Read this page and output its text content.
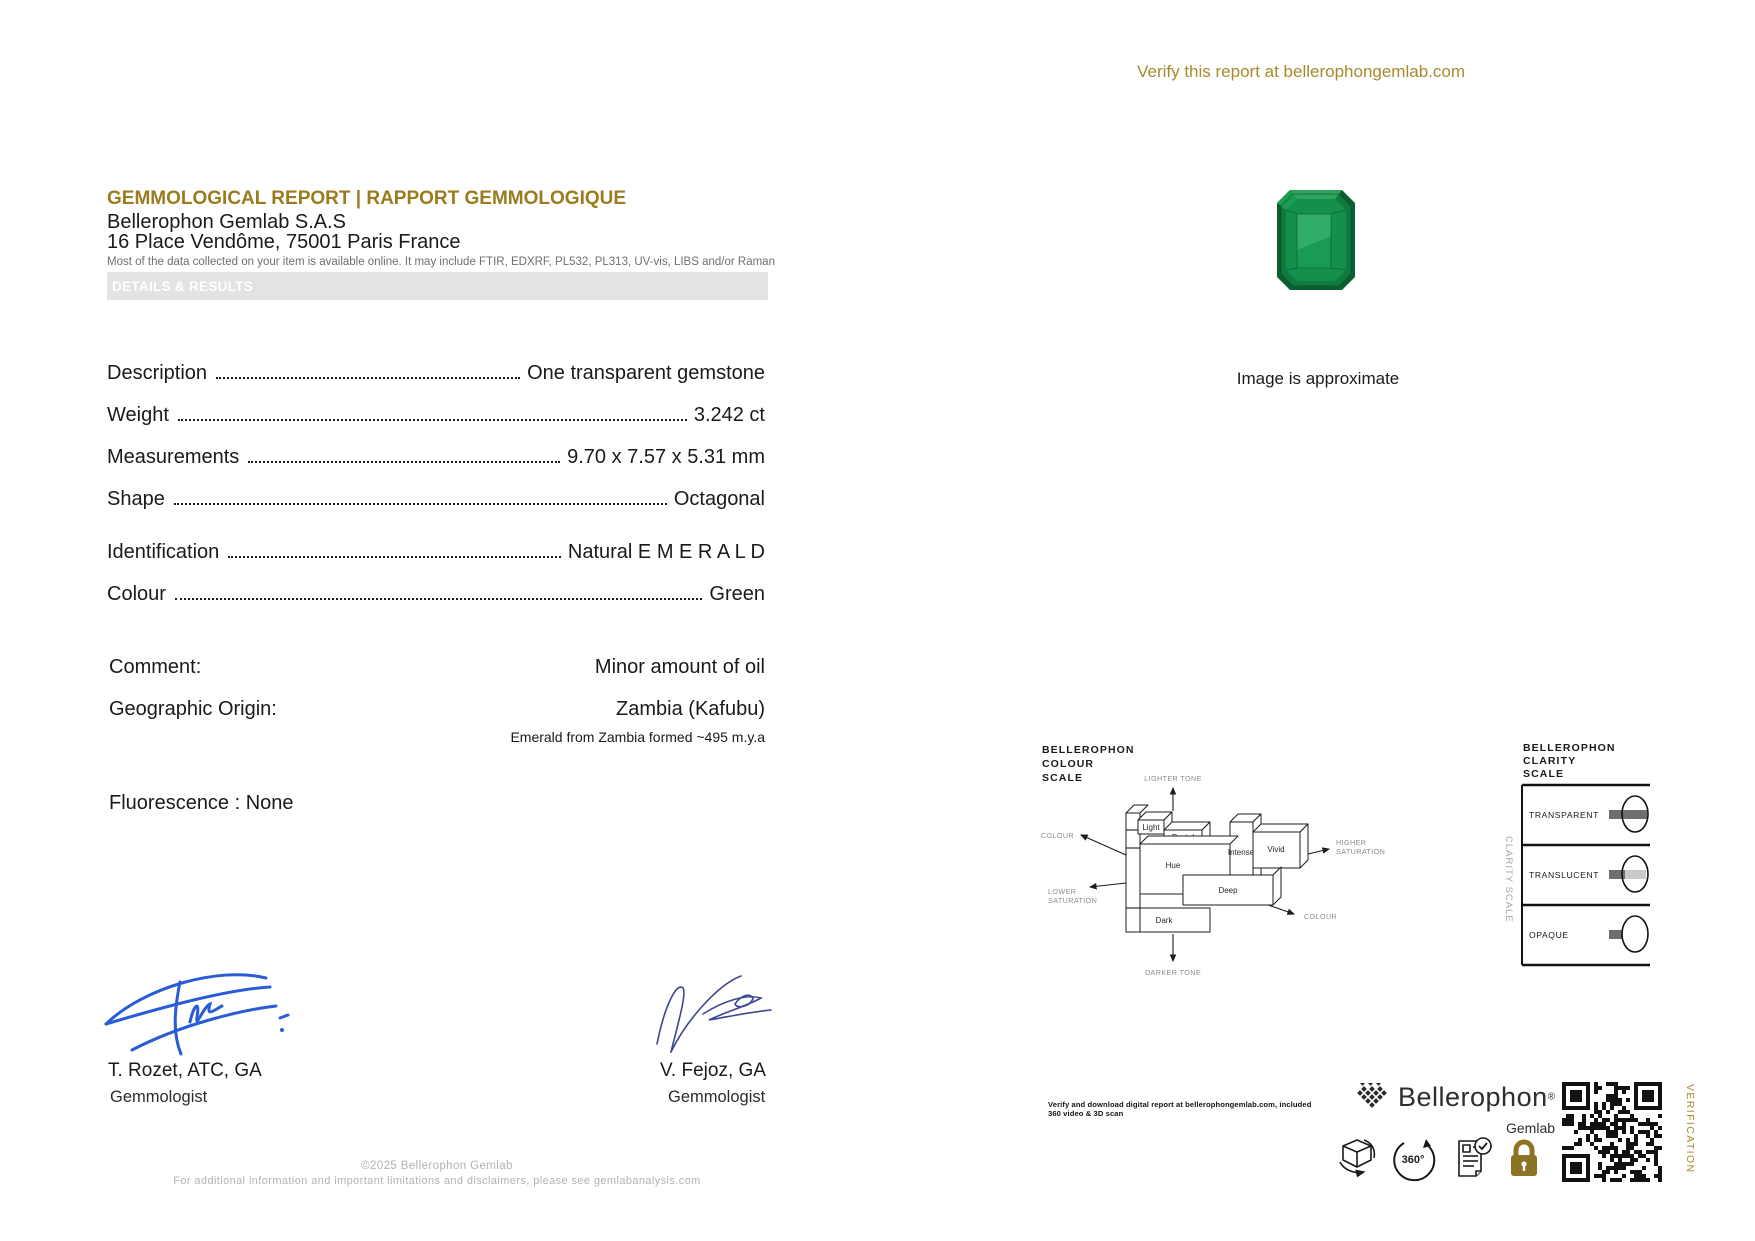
Verify this report at bellerophongemlab.com
GEMMOLOGICAL REPORT | RAPPORT GEMMOLOGIQUE
Bellerophon Gemlab S.A.S
16 Place Vendôme, 75001 Paris France
Most of the data collected on your item is available online. It may include FTIR, EDXRF, PL532, PL313, UV-vis, LIBS and/or Raman
DETAILS & RESULTS
Description	One transparent gemstone
Weight	3.242 ct
Measurements	9.70 x 7.57 x 5.31 mm
Shape	Octagonal
Identification	Natural E M E R A L D
Colour	Green
Comment:	Minor amount of oil
Geographic Origin:	Zambia (Kafubu)
Emerald from Zambia formed ~495 m.y.a
Fluorescence : None
T. Rozet, ATC, GA
Gemmologist
V. Fejoz, GA
Gemmologist
©2025 Bellerophon Gemlab
For additional information and important limitations and disclaimers, please see gemlabanalysis.com
Image is approximate
BELLEROPHON
COLOUR
SCALE	LIGHTER TONE
DARKER TONE
COLOUR
LOWER
SATURATION
HIGHER
SATURATION
COLOUR
Light
Vivid
Hue
Intense
Deep
Dark
BELLEROPHON
CLARITY
SCALE
CLARITY SCALE
TRANSPARENT
TRANSLUCENT
OPAQUE
Verify and download digital report at bellerophongemlab.com, included 360 video & 3D scan
Bellerophon®
Gemlab
360°	VERIFICATION
